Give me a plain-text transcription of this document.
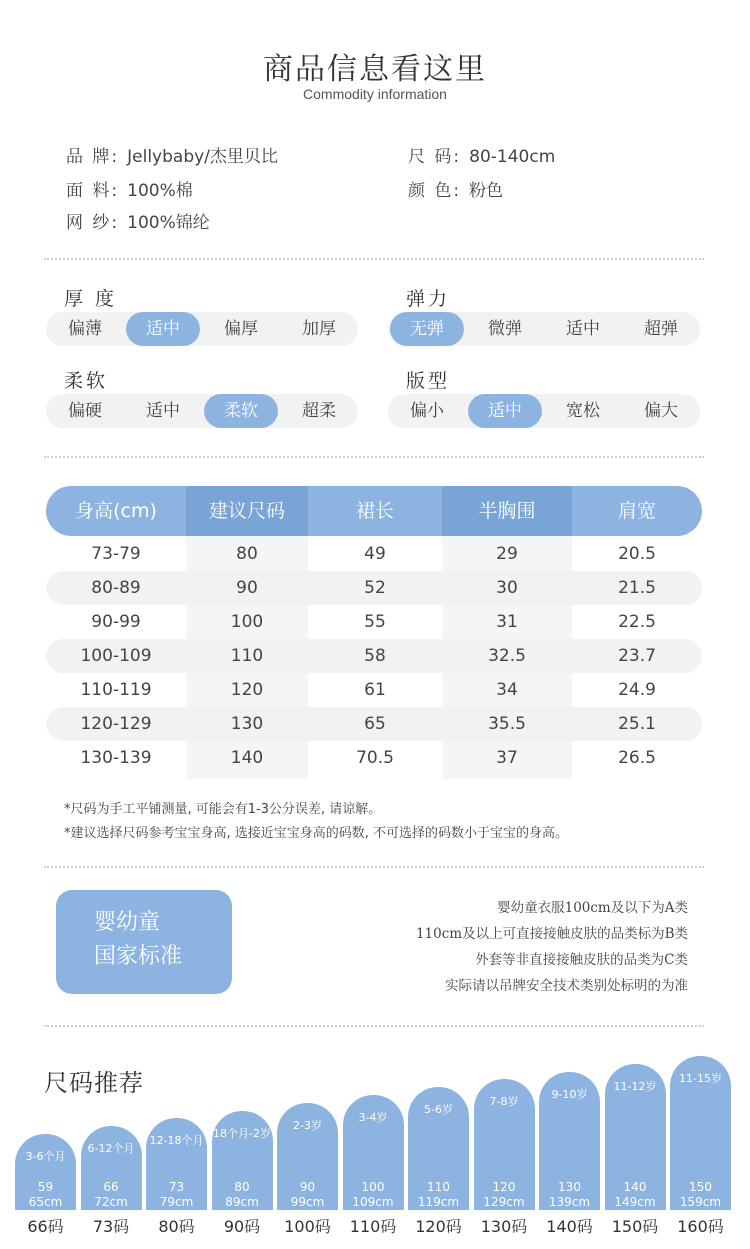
商品信息看这里
Commodity information
品 牌: Jellybaby/杰里贝比	尺 码: 80-140cm
面 料: 100%棉	颜 色: 粉色
网 纱: 100%锦纶
厚 度
偏薄	适中	偏厚	加厚
弹力
无弹	微弹	适中	超弹
柔软
偏硬	适中	柔软	超柔
版型
偏小	适中	宽松	偏大
身高(cm)	建议尺码	裙长	半胸围	肩宽
73-79	80	49	29	20.5
80-89	90	52	30	21.5
90-99	100	55	31	22.5
100-109	110	58	32.5	23.7
110-119	120	61	34	24.9
120-129	130	65	35.5	25.1
130-139	140	70.5	37	26.5
*尺码为手工平铺测量, 可能会有1-3公分误差, 请谅解。
*建议选择尺码参考宝宝身高, 选接近宝宝身高的码数, 不可选择的码数小于宝宝的身高。
婴幼童
国家标准
婴幼童衣服100cm及以下为A类
110cm及以上可直接接触皮肤的品类标为B类
外套等非直接接触皮肤的品类为C类
实际请以吊牌安全技术类别处标明的为准
尺码推荐
3-6个月
59
65cm
66码
6-12个月
66
72cm
73码
12-18个月
73
79cm
80码
18个月-2岁
80
89cm
90码
2-3岁
90
99cm
100码
3-4岁
100
109cm
110码
5-6岁
110
119cm
120码
7-8岁
120
129cm
130码
9-10岁
130
139cm
140码
11-12岁
140
149cm
150码
11-15岁
150
159cm
160码
